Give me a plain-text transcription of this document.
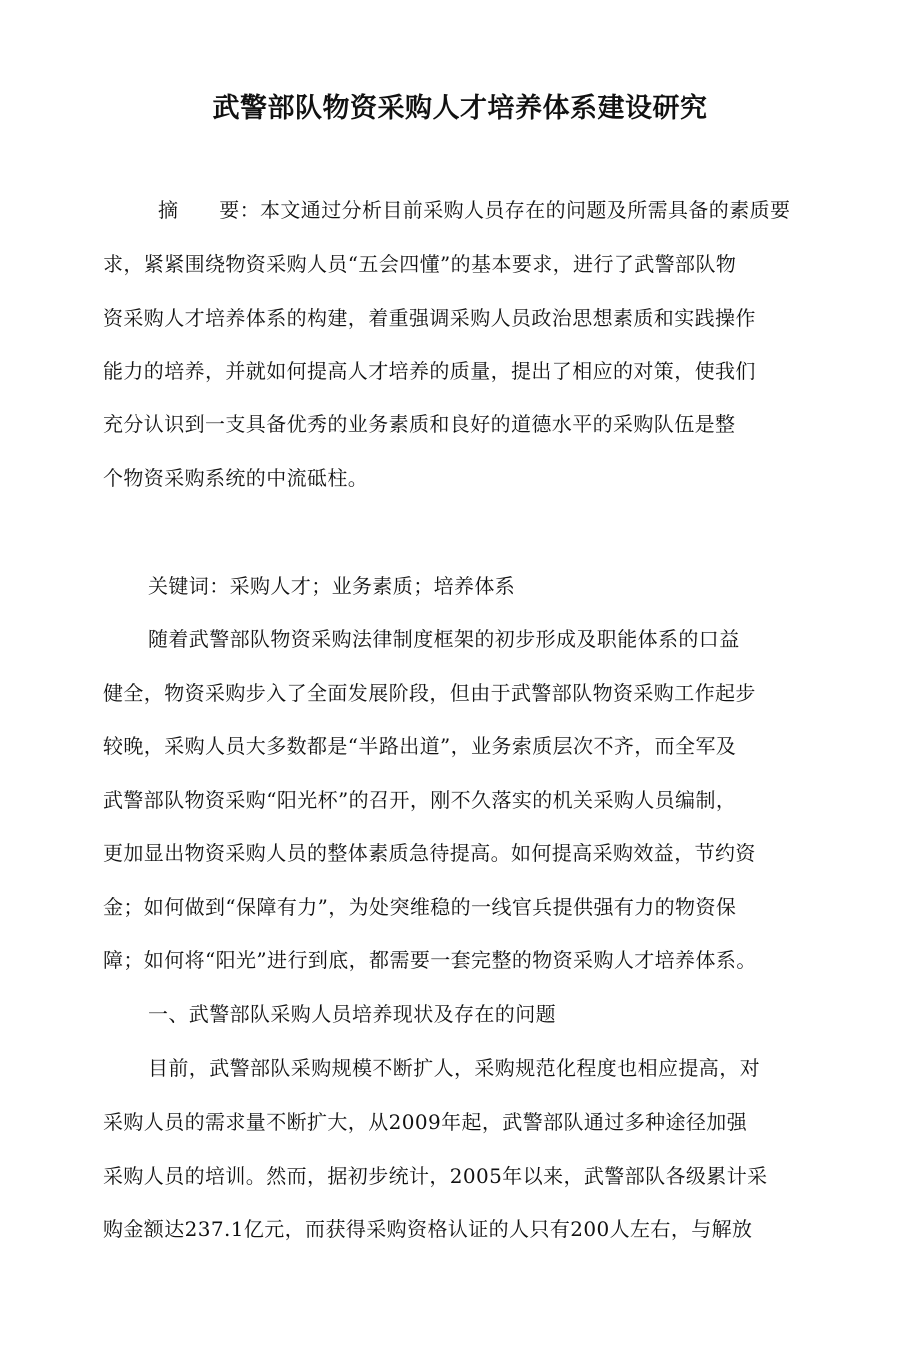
武警部队物资采购人才培养体系建设研究
摘　　要：本文通过分析目前采购人员存在的问题及所需具备的素质要
求，紧紧围绕物资采购人员“五会四懂”的基本要求，进行了武警部队物
资采购人才培养体系的构建，着重强调采购人员政治思想素质和实践操作
能力的培养，并就如何提高人才培养的质量，提出了相应的对策，使我们
充分认识到一支具备优秀的业务素质和良好的道德水平的采购队伍是整
个物资采购系统的中流砥柱。
关键词：采购人才；业务素质；培养体系
随着武警部队物资采购法律制度框架的初步形成及职能体系的口益
健全，物资采购步入了全面发展阶段，但由于武警部队物资采购工作起步
较晚，采购人员大多数都是“半路出道”，业务索质层次不齐，而全军及
武警部队物资采购“阳光杯”的召开，刚不久落实的机关采购人员编制，
更加显出物资采购人员的整体素质急待提高。如何提高采购效益，节约资
金；如何做到“保障有力”，为处突维稳的一线官兵提供强有力的物资保
障；如何将“阳光”进行到底，都需要一套完整的物资采购人才培养体系。
一、武警部队采购人员培养现状及存在的问题
目前，武警部队采购规模不断扩人，采购规范化程度也相应提高，对
采购人员的需求量不断扩大，从2009年起，武警部队通过多种途径加强
采购人员的培训。然而，据初步统计，2005年以来，武警部队各级累计采
购金额达237.1亿元，而获得采购资格认证的人只有200人左右，与解放
